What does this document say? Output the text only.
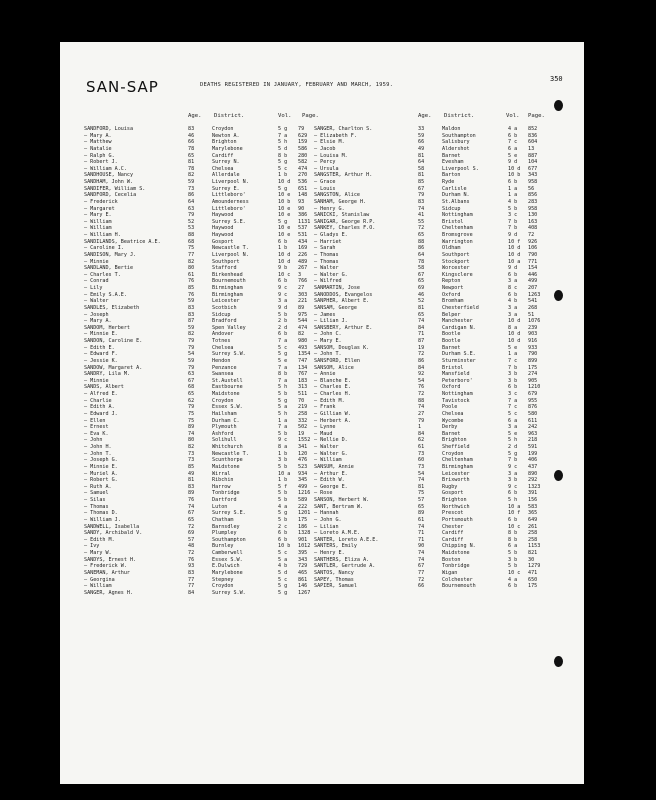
SAN-SAP	DEATHS REGISTERED IN JANUARY, FEBRUARY AND MARCH, 1959.
350
Age. District.	Vol. Page.	Age. District.	Vol. Page.
SANDFORD, Louisa	83	Croydon	5 g	79
— Mary A.	46	Newton A.	7 a	629
— Matthew	66	Brighton	5 h	159
— Natalie	78	Marylebone	5 d	586
— Ralph G.	65	Cardiff	8 b	280
— Robert J.	81	Surrey N.	5 g	582
— William A.C.	78	Chelsea	5 c	474
SANDHOUSE, Nancy	82	Allerdale	1 b	270
SANDHAM, John W.	59	Liverpool N.	10 d	536
SANDIFER, William S.	73	Surrey E.	5 g	651
SANDFORD, Cecelia	86	Littleboro'	10 e	148
— Frederick	64	Amounderness	10 b	93
— Margaret	63	Littleboro'	10 e	90
— Mary E.	79	Haywood	10 e	386
— William	52	Surrey S.E.	5 g	1131
— William	53	Haywood	10 e	537
— William H.	88	Haywood	10 e	531
SANDILANDS, Beatrice A.E.	68	Gosport	6 b	434
— Caroline I.	75	Newcastle T.	1 b	169
SANDISON, Mary J.	77	Liverpool N.	10 d	226
— Minnie	82	Southport	10 d	489
SANDLAND, Bertie	80	Stafford	9 b	267
— Charles T.	61	Birkenhead	10 c	3
— Conrad	76	Bournemouth	6 b	766
— Lily	85	Birmingham	9 c	27
— Emily S.A.E.	76	Birmingham	9 c	303
— Walter	59	Leicester	3 a	221
SANDLES, Elizabeth	83	Scotbich	9 d	89
— Joseph	83	Sidcup	5 b	975
— Mary A.	87	Bradford	2 b	544
SANDOM, Herbert	59	Spen Valley	2 d	474
— Minnie E.	82	Andover	6 b	82
SANDON, Caroline E.	79	Totnes	7 a	980
— Edith E.	79	Chelsea	5 c	493
— Edward F.	54	Surrey S.W.	5 g	1354
— Jessie K.	59	Hendon	5 e	747
SANDOW, Margaret A.	79	Penzance	7 a	134
SANDRY, Lila M.	63	Swansea	8 b	767
— Minnie	67	St.Austell	7 a	183
SANDS, Albert	68	Eastbourne	5 h	313
— Alfred E.	65	Maidstone	5 b	511
— Charlie	62	Croydon	5 g	70
— Edith A.	79	Essex S.W.	5 a	219
— Edward J.	75	Hailsham	5 h	258
— Ellen	75	Durham C.	1 a	332
— Ernest	89	Plymouth	7 a	502
— Eva K.	74	Ashford	5 b	19
— John	80	Solihull	9 c	1552
— John H.	82	Whitchurch	8 a	341
— John T.	73	Newcastle T.	1 b	120
— Joseph G.	73	Scunthorpe	3 b	476
— Minnie E.	85	Maidstone	5 b	523
— Muriel A.	49	Wirral	10 a	934
— Robert G.	81	Ribchin	1 b	345
— Ruth A.	83	Harrow	5 f	499
— Samuel	89	Tonbridge	5 b	1216
— Silas	76	Dartford	5 b	589
— Thomas	74	Luton	4 a	222
— Thomas D.	67	Surrey S.E.	5 g	1201
— William J.	65	Chatham	5 b	175
SANDWELL, Isabella	72	Barnsdley	2 c	186
SANDY, Archibald V.	69	Plumpley	6 b	1328
— Edith M.	57	Southampton	6 b	901
— Ivy	48	Burnley	10 b	1012
— Mary W.	72	Camberwell	5 c	395
SANDYS, Ernest H.	76	Essex S.W.	5 a	343
— Frederick W.	93	E.Dulwich	4 b	729
SANEMAN, Arthur	83	Marylebone	5 d	465
— Georgina	77	Stepney	5 c	861
— William	77	Croydon	5 g	146
SANGER, Agnes H.	84	Surrey S.W.	5 g	1267
SANGER, Charlton S.	33	Maldon	4 a	852
— Elizabeth F.	59	Southampton	6 b	836
— Elsie M.	66	Salisbury	7 c	604
— Jacob	49	Aldershot	6 a	13
— Louisa M.	81	Barnet	5 e	887
— Percy	64	Evesham	9 d	104
— Ursula	58	Liverpool S.	10 d	677
SANGSTER, Arthur H.	81	Barton	10 b	343
— Grace	85	Ryde	6 b	958
— Louis	67	Carlisle	1 a	56
SANGSTON, Alice	79	Durham N.	1 a	856
SANHAM, George H.	83	St.Albans	4 b	283
— Henry G.	74	Sidcup	5 b	958
SANICKI, Stanislaw	41	Nottingham	3 c	130
SANIGAR, George R.P.	55	Bristol	7 b	163
SANKEY, Charles F.O.	72	Cheltenham	7 b	408
— Gladys E.	65	Bromsgrove	9 d	72
— Harriet	88	Warrington	10 f	926
— Sarah	86	Oldham	10 d	106
— Thomas	64	Southport	10 d	790
— Thomas	78	Stockport	10 a	771
— Walter	58	Worcester	9 d	154
— Walter G.	67	Kingsclere	6 b	446
— Wilfred	65	Repton	3 a	499
SANMARTIN, Jose	69	Newport	8 c	207
SANODDOS, Evangelos	46	Oxford	6 b	1263
SANPHER, Albert E.	52	Bromham	4 b	541
SANSAM, George	81	Chesterfield	3 a	268
— James	65	Belper	3 a	51
— Lilian J.	74	Manchester	10 d	1076
SANSBERY, Arthur E.	84	Cardigan N.	8 a	239
— John C.	71	Bootle	10 d	903
— Mary E.	87	Bootle	10 d	916
SANSOM, Douglas K.	19	Barnet	5 e	933
— John T.	72	Durham S.E.	1 a	790
SANSFORD, Ellen	86	Sturminster	7 c	899
SANSOM, Alice	84	Bristol	7 b	175
— Annie	92	Mansfield	3 b	274
— Blanche E.	54	Peterboro'	3 b	905
— Charles E.	76	Oxford	6 b	1210
— Charles H.	72	Nottingham	3 c	679
— Edith M.	88	Tavistock	7 a	955
— Frank	74	Poole	7 c	876
— Gillian W.	27	Chelsea	5 c	580
— Herbert A.	79	Wycombe	6 a	611
— Lynne	1	Derby	3 a	242
— Maud	84	Barnet	5 e	963
— Nellie D.	62	Brighton	5 h	218
— Walter	61	Sheffield	2 d	591
— Walter G.	73	Croydon	5 g	199
— William	60	Cheltenham	7 b	406
SANSUM, Annie	73	Birmingham	9 c	437
— Arthur E.	54	Leicester	3 a	890
— Edith W.	74	Brixworth	3 b	292
— George E.	81	Rugby	9 c	1323
— Rose	75	Gosport	6 b	391
SANSON, Herbert W.	57	Brighton	5 h	156
SANT, Bertram W.	65	Northwich	10 a	583
— Hannah	89	Prescot	10 f	365
— John G.	61	Portsmouth	6 b	649
— Lilian	74	Chester	10 c	261
— Loreto A.M.E.	71	Cardiff	8 b	258
SANTER, Loreto A.E.E.	71	Cardiff	8 b	258
SANTERS, Emily	90	Chipping N.	6 a	1153
— Henry E.	74	Maidstone	5 b	821
SANTHERS, Eliza A.	74	Boston	3 b	30
SANTLER, Gertrude A.	67	Tonbridge	5 b	1279
SANTOS, Nancy	77	Wigan	10 c	471
SAPEY, Thomas	72	Colchester	4 a	650
SAPIER, Samuel	66	Bournemouth	6 b	175
